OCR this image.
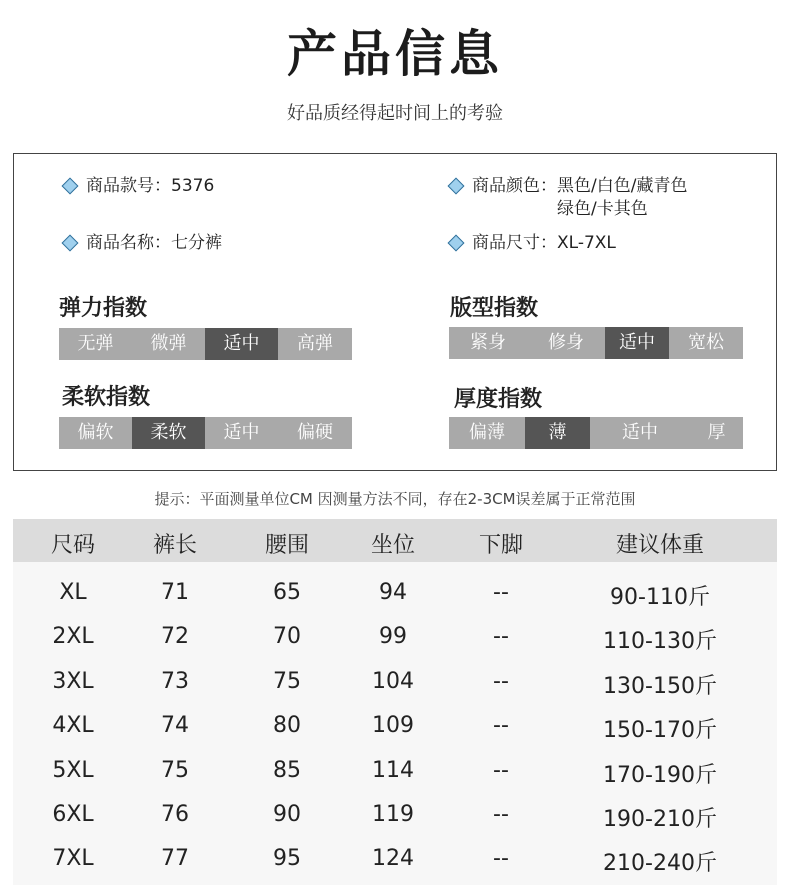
产品信息
好品质经得起时间上的考验
商品款号：5376
商品名称：七分裤
商品颜色： 黑色/白色/藏青色
绿色/卡其色
商品尺寸：XL-7XL
弹力指数
无弹	微弹	适中	高弹
版型指数
紧身	修身	适中	宽松
柔软指数
偏软	柔软	适中	偏硬
厚度指数
偏薄	薄	适中	厚
提示：平面测量单位CM 因测量方法不同，存在2-3CM误差属于正常范围
尺码	裤长	腰围	坐位	下脚	建议体重
XL	71	65	94	--	90-110斤
2XL	72	70	99	--	110-130斤
3XL	73	75	104	--	130-150斤
4XL	74	80	109	--	150-170斤
5XL	75	85	114	--	170-190斤
6XL	76	90	119	--	190-210斤
7XL	77	95	124	--	210-240斤
